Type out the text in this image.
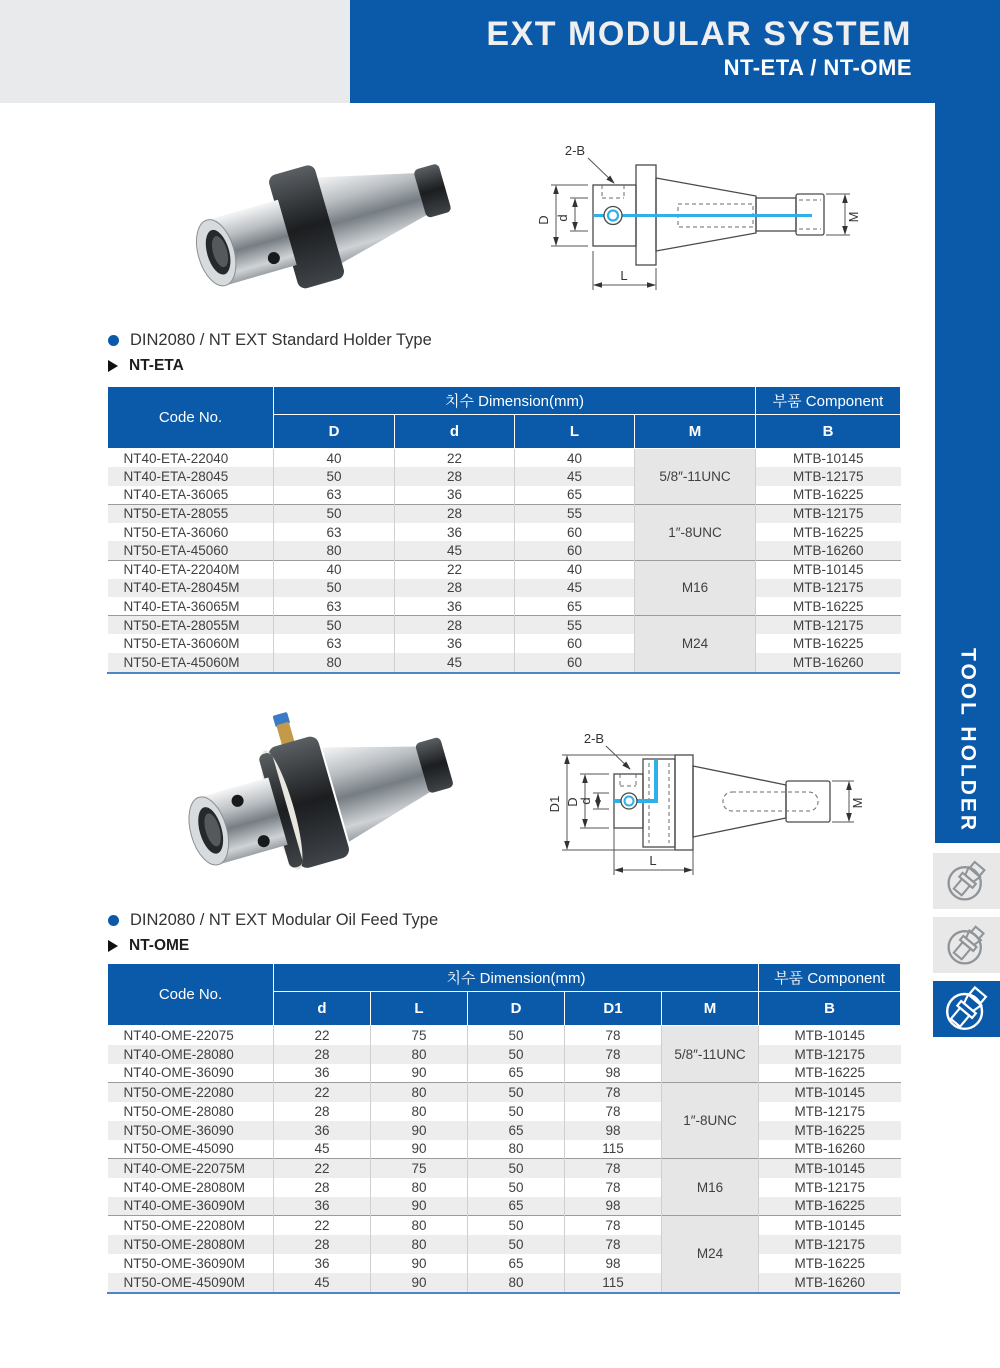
EXT MODULAR SYSTEM
NT-ETA / NT-OME
TOOL HOLDER
2-B
D d	M
L
DIN2080 / NT EXT Standard Holder Type
NT-ETA
Code No.	치수 Dimension(mm)				부품 Component
	D	d	L	M	B
NT40-ETA-22040	40	22	40	5/8″-11UNC	MTB-10145
NT40-ETA-28045	50	28	45		MTB-12175
NT40-ETA-36065	63	36	65		MTB-16225
NT50-ETA-28055	50	28	55	1″-8UNC	MTB-12175
NT50-ETA-36060	63	36	60		MTB-16225
NT50-ETA-45060	80	45	60		MTB-16260
NT40-ETA-22040M	40	22	40	M16	MTB-10145
NT40-ETA-28045M	50	28	45		MTB-12175
NT40-ETA-36065M	63	36	65		MTB-16225
NT50-ETA-28055M	50	28	55	M24	MTB-12175
NT50-ETA-36060M	63	36	60		MTB-16225
NT50-ETA-45060M	80	45	60		MTB-16260
2-B
D1 D
d	M
L
DIN2080 / NT EXT Modular Oil Feed Type
NT-OME
Code No.	치수 Dimension(mm)					부품 Component
	d	L	D	D1	M	B
NT40-OME-22075	22	75	50	78	5/8″-11UNC	MTB-10145
NT40-OME-28080	28	80	50	78		MTB-12175
NT40-OME-36090	36	90	65	98		MTB-16225
NT50-OME-22080	22	80	50	78	1″-8UNC	MTB-10145
NT50-OME-28080	28	80	50	78		MTB-12175
NT50-OME-36090	36	90	65	98		MTB-16225
NT50-OME-45090	45	90	80	115		MTB-16260
NT40-OME-22075M	22	75	50	78	M16	MTB-10145
NT40-OME-28080M	28	80	50	78		MTB-12175
NT40-OME-36090M	36	90	65	98		MTB-16225
NT50-OME-22080M	22	80	50	78	M24	MTB-10145
NT50-OME-28080M	28	80	50	78		MTB-12175
NT50-OME-36090M	36	90	65	98		MTB-16225
NT50-OME-45090M	45	90	80	115		MTB-16260
